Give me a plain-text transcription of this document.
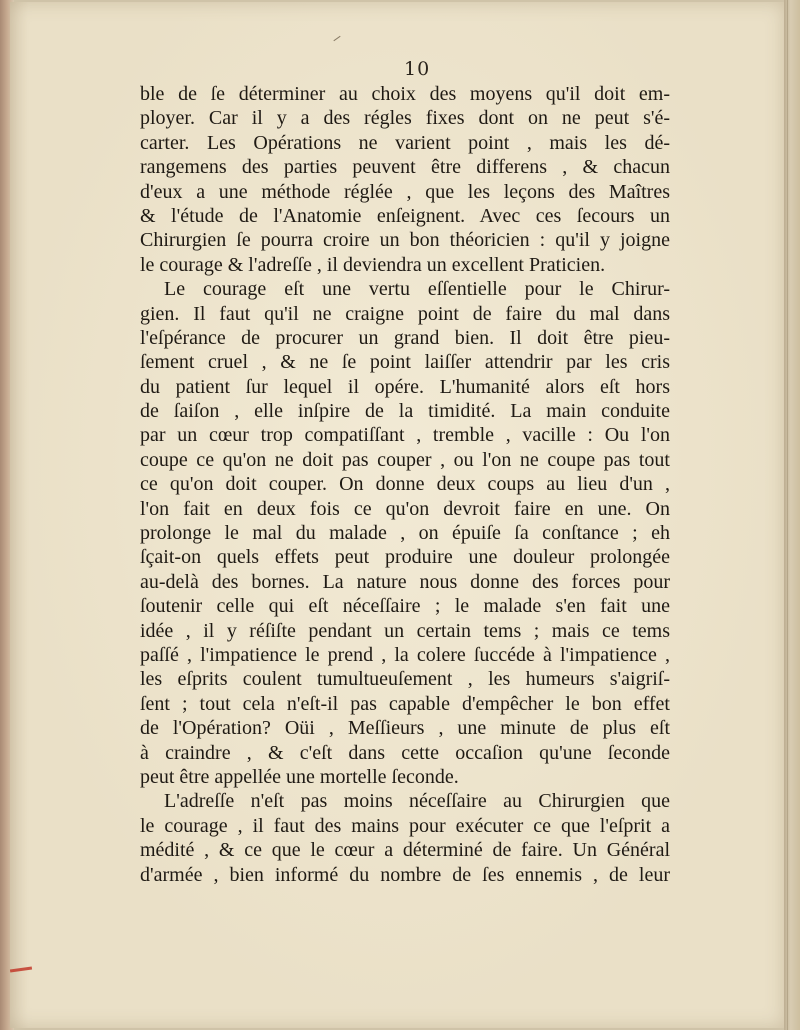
10
ble de ſe déterminer au choix des moyens qu'il doit em-
ployer. Car il y a des régles fixes dont on ne peut s'é-
carter. Les Opérations ne varient point , mais les dé-
rangemens des parties peuvent être differens , & chacun
d'eux a une méthode réglée , que les leçons des Maîtres
& l'étude de l'Anatomie enſeignent. Avec ces ſecours un
Chirurgien ſe pourra croire un bon théoricien : qu'il y joigne
le courage & l'adreſſe , il deviendra un excellent Praticien.
Le courage eſt une vertu eſſentielle pour le Chirur-
gien. Il faut qu'il ne craigne point de faire du mal dans
l'eſpérance de procurer un grand bien. Il doit être pieu-
ſement cruel , & ne ſe point laiſſer attendrir par les cris
du patient ſur lequel il opére. L'humanité alors eſt hors
de ſaiſon , elle inſpire de la timidité. La main conduite
par un cœur trop compatiſſant , tremble , vacille : Ou l'on
coupe ce qu'on ne doit pas couper , ou l'on ne coupe pas tout
ce qu'on doit couper. On donne deux coups au lieu d'un ,
l'on fait en deux fois ce qu'on devroit faire en une. On
prolonge le mal du malade , on épuiſe ſa conſtance ; eh
ſçait-on quels effets peut produire une douleur prolongée
au-delà des bornes. La nature nous donne des forces pour
ſoutenir celle qui eſt néceſſaire ; le malade s'en fait une
idée , il y réſiſte pendant un certain tems ; mais ce tems
paſſé , l'impatience le prend , la colere ſuccéde à l'impatience ,
les eſprits coulent tumultueuſement , les humeurs s'aigriſ-
ſent ; tout cela n'eſt-il pas capable d'empêcher le bon effet
de l'Opération? Oüi , Meſſieurs , une minute de plus eſt
à craindre , & c'eſt dans cette occaſion qu'une ſeconde
peut être appellée une mortelle ſeconde.
L'adreſſe n'eſt pas moins néceſſaire au Chirurgien que
le courage , il faut des mains pour exécuter ce que l'eſprit a
médité , & ce que le cœur a déterminé de faire. Un Général
d'armée , bien informé du nombre de ſes ennemis , de leur
